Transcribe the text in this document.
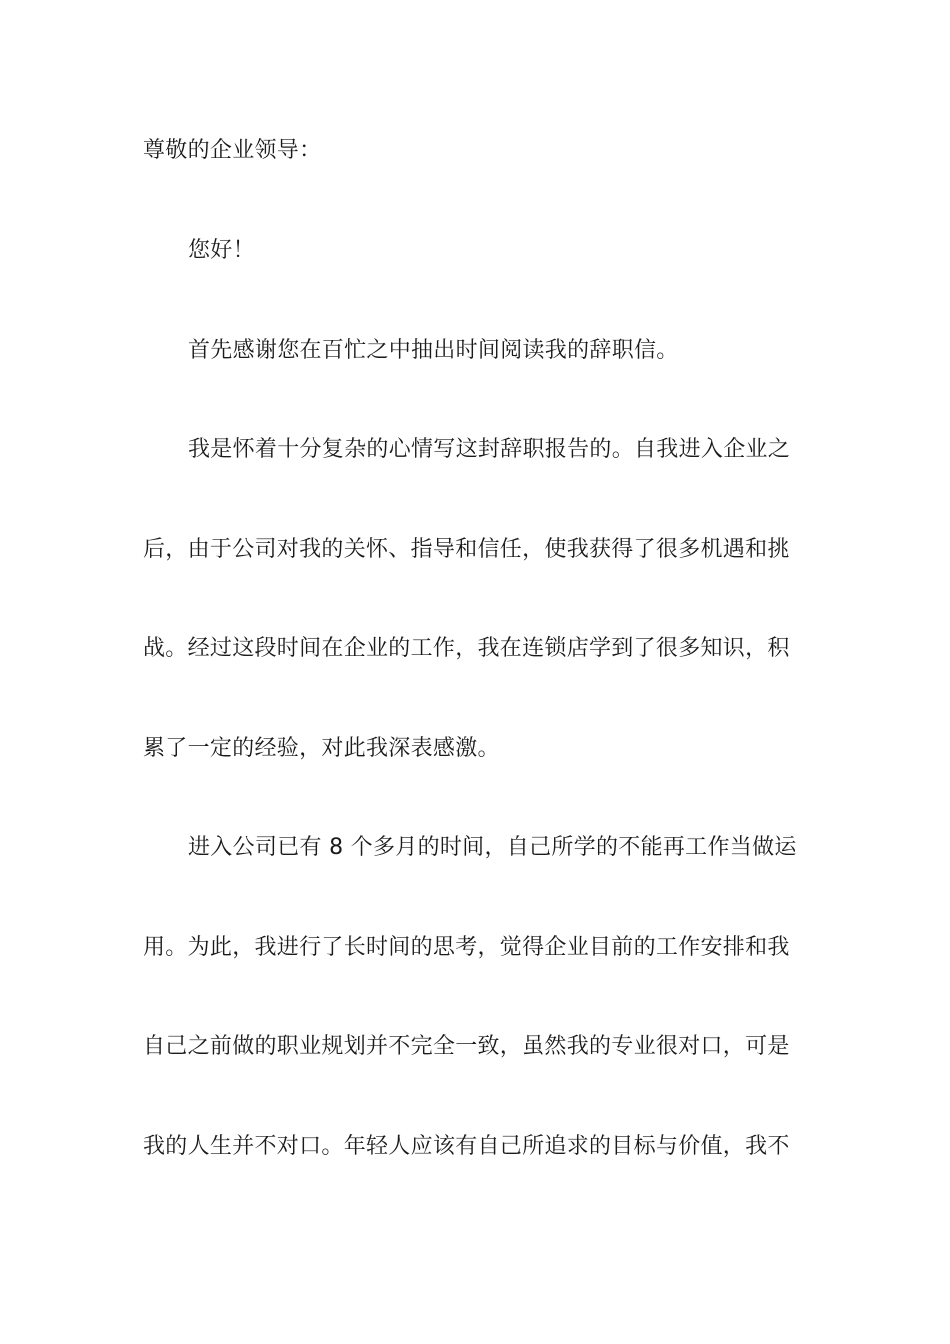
尊敬的企业领导：
您好！
首先感谢您在百忙之中抽出时间阅读我的辞职信。
我是怀着十分复杂的心情写这封辞职报告的。自我进入企业之
后，由于公司对我的关怀、指导和信任，使我获得了很多机遇和挑
战。经过这段时间在企业的工作，我在连锁店学到了很多知识，积
累了一定的经验，对此我深表感激。
进入公司已有 8 个多月的时间，自己所学的不能再工作当做运
用。为此，我进行了长时间的思考，觉得企业目前的工作安排和我
自己之前做的职业规划并不完全一致，虽然我的专业很对口，可是
我的人生并不对口。年轻人应该有自己所追求的目标与价值，我不
